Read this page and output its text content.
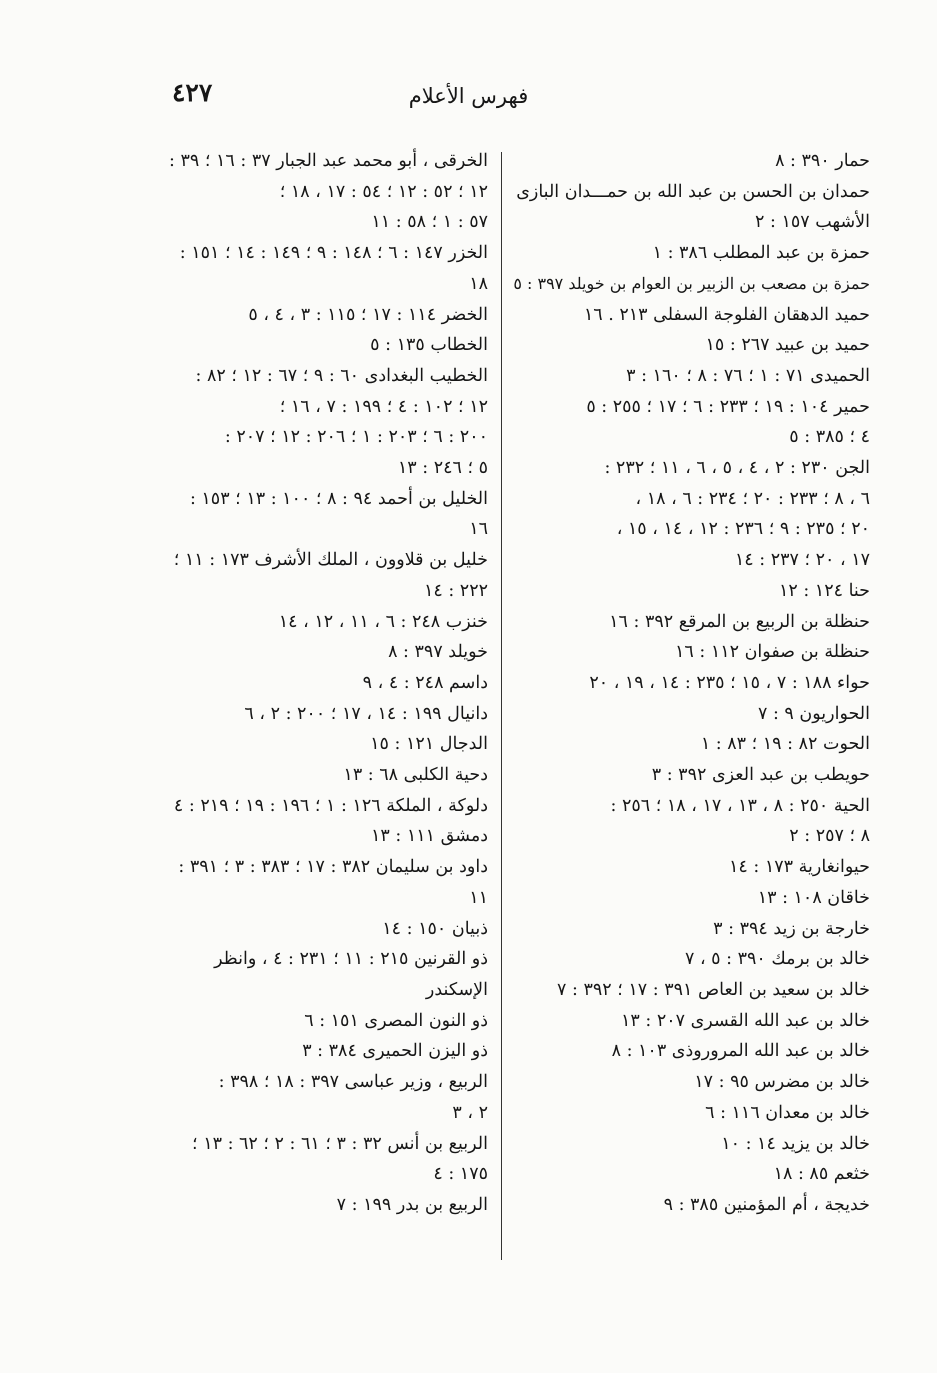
٤٢٧	فهرس الأعلام
حمار ٣٩٠ : ٨
حمدان بن الحسن بن عبد الله بن حمـــدان البازى
الأشهب ١٥٧ : ٢
حمزة بن عبد المطلب ٣٨٦ : ١
حمزة بن مصعب بن الزبير بن العوام بن خويلد ٣٩٧ : ٥
حميد الدهقان الفلوجة السفلى ٢١٣ . ١٦
حميد بن عبيد ٢٦٧ : ١٥
الحميدى ٧١ : ١ ؛ ٧٦ : ٨ ؛ ١٦٠ : ٣
حمير ١٠٤ : ١٩ ؛ ٢٣٣ : ٦ ؛ ١٧ ؛ ٢٥٥ : ٥
٤ ؛ ٣٨٥ : ٥
الجن ٢٣٠ : ٢ ، ٤ ، ٥ ، ٦ ، ١١ ؛ ٢٣٢ :
٦ ، ٨ ؛ ٢٣٣ : ٢٠ ؛ ٢٣٤ : ٦ ، ١٨ ،
٢٠ ؛ ٢٣٥ : ٩ ؛ ٢٣٦ : ١٢ ، ١٤ ، ١٥ ،
١٧ ، ٢٠ ؛ ٢٣٧ : ١٤
حنا ١٢٤ : ١٢
حنظلة بن الربيع بن المرقع ٣٩٢ : ١٦
حنظلة بن صفوان ١١٢ : ١٦
حواء ١٨٨ : ٧ ، ١٥ ؛ ٢٣٥ : ١٤ ، ١٩ ، ٢٠
الحواريون ٩ : ٧
الحوت ٨٢ : ١٩ ؛ ٨٣ : ١
حويطب بن عبد العزى ٣٩٢ : ٣
الحية ٢٥٠ : ٨ ، ١٣ ، ١٧ ، ١٨ ؛ ٢٥٦ :
٨ ؛ ٢٥٧ : ٢
حيوانغارية ١٧٣ : ١٤
خاقان ١٠٨ : ١٣
خارجة بن زيد ٣٩٤ : ٣
خالد بن برمك ٣٩٠ : ٥ ، ٧
خالد بن سعيد بن العاص ٣٩١ : ١٧ ؛ ٣٩٢ : ٧
خالد بن عبد الله القسرى ٢٠٧ : ١٣
خالد بن عبد الله المروروذى ١٠٣ : ٨
خالد بن مضرس ٩٥ : ١٧
خالد بن معدان ١١٦ : ٦
خالد بن يزيد ١٤ : ١٠
خثعم ٨٥ : ١٨
خديجة ، أم المؤمنين ٣٨٥ : ٩
الخرقى ، أبو محمد عبد الجبار ٣٧ : ١٦ ؛ ٣٩ :
١٢ ؛ ٥٢ : ١٢ ؛ ٥٤ : ١٧ ، ١٨ ؛
٥٧ : ١ ؛ ٥٨ : ١١
الخزر ١٤٧ : ٦ ؛ ١٤٨ : ٩ ؛ ١٤٩ : ١٤ ؛ ١٥١ :
١٨
الخضر ١١٤ : ١٧ ؛ ١١٥ : ٣ ، ٤ ، ٥
الخطاب ١٣٥ : ٥
الخطيب البغدادى ٦٠ : ٩ ؛ ٦٧ : ١٢ ؛ ٨٢ :
١٢ ؛ ١٠٢ : ٤ ؛ ١٩٩ : ٧ ، ١٦ ؛
٢٠٠ : ٦ ؛ ٢٠٣ : ١ ؛ ٢٠٦ : ١٢ ؛ ٢٠٧ :
٥ ؛ ٢٤٦ : ١٣
الخليل بن أحمد ٩٤ : ٨ ؛ ١٠٠ : ١٣ ؛ ١٥٣ :
١٦
خليل بن قلاوون ، الملك الأشرف ١٧٣ : ١١ ؛
٢٢٢ : ١٤
خنزب ٢٤٨ : ٦ ، ١١ ، ١٢ ، ١٤
خويلد ٣٩٧ : ٨
داسم ٢٤٨ : ٤ ، ٩
دانيال ١٩٩ : ١٤ ، ١٧ ؛ ٢٠٠ : ٢ ، ٦
الدجال ١٢١ : ١٥
دحية الكلبى ٦٨ : ١٣
دلوكة ، الملكة ١٢٦ : ١ ؛ ١٩٦ : ١٩ ؛ ٢١٩ : ٤
دمشق ١١١ : ١٣
داود بن سليمان ٣٨٢ : ١٧ ؛ ٣٨٣ : ٣ ؛ ٣٩١ :
١١
ذبيان ١٥٠ : ١٤
ذو القرنين ٢١٥ : ١١ ؛ ٢٣١ : ٤ ، وانظر
الإسكندر
ذو النون المصرى ١٥١ : ٦
ذو اليزن الحميرى ٣٨٤ : ٣
الربيع ، وزير عباسى ٣٩٧ : ١٨ ؛ ٣٩٨ :
٢ ، ٣
الربيع بن أنس ٣٢ : ٣ ؛ ٦١ : ٢ ؛ ٦٢ : ١٣ ؛
١٧٥ : ٤
الربيع بن بدر ١٩٩ : ٧
